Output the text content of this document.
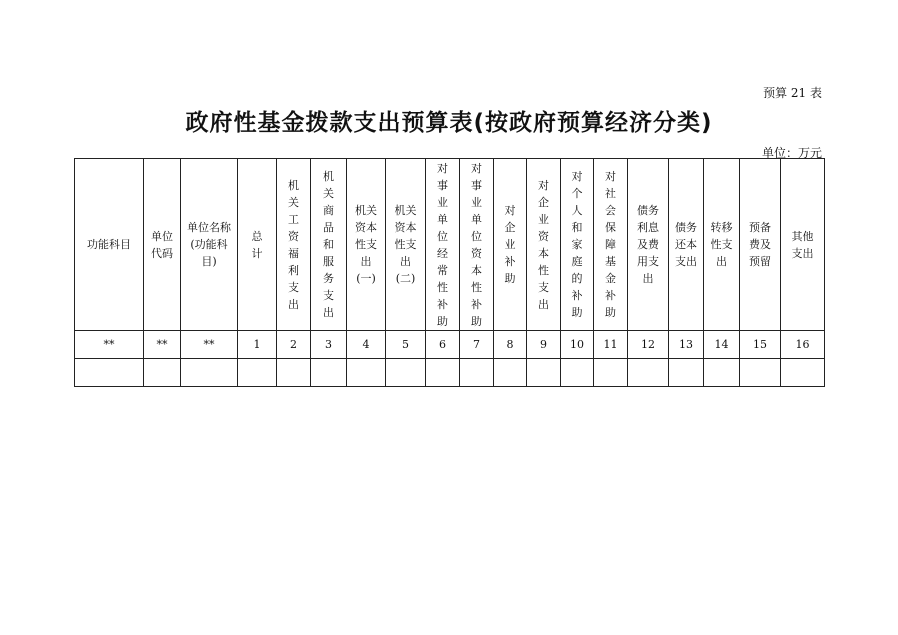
预算 21 表
政府性基金拨款支出预算表(按政府预算经济分类)
单位：万元
功能科目	单位代码	单位名称(功能科目)	总计	机关工资福利支出	机关商品和服务支出	机关资本性支出(一)	机关资本性支出(二)	对事业单位经常性补助	对事业单位资本性补助	对企业补助	对企业资本性支出	对个人和家庭的补助	对社会保障基金补助	债务利息及费用支出	债务还本支出	转移性支出	预备费及预留	其他支出
**	**	**	1	2	3	4	5	6	7	8	9	10	11	12	13	14	15	16
